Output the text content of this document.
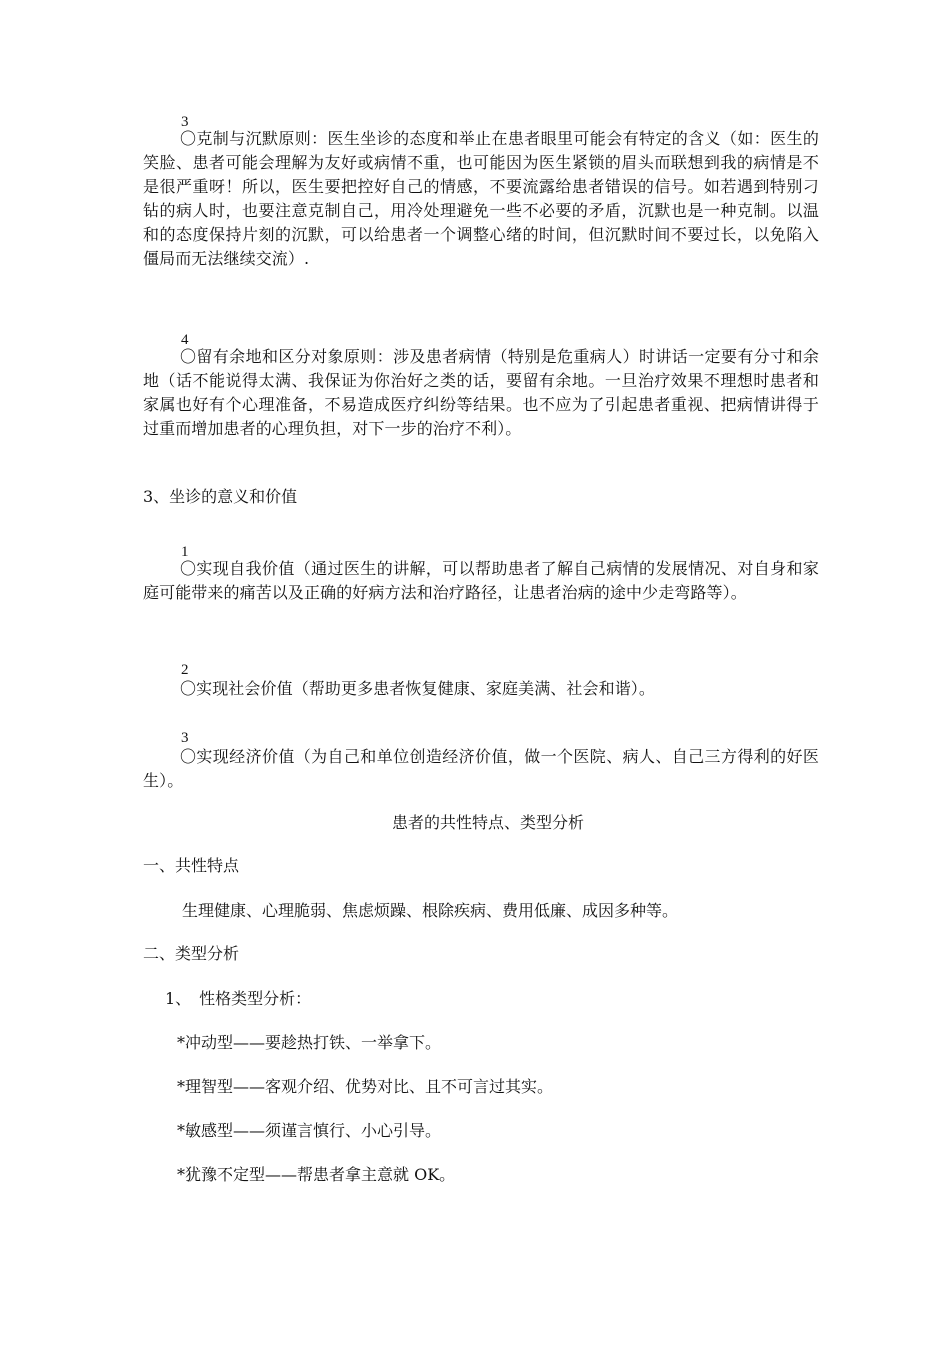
3
〇克制与沉默原则：医生坐诊的态度和举止在患者眼里可能会有特定的含义（如：医生的笑脸、患者可能会理解为友好或病情不重，也可能因为医生紧锁的眉头而联想到我的病情是不是很严重呀！所以，医生要把控好自己的情感，不要流露给患者错误的信号。如若遇到特别刁钻的病人时，也要注意克制自己，用冷处理避免一些不必要的矛盾，沉默也是一种克制。以温和的态度保持片刻的沉默，可以给患者一个调整心绪的时间，但沉默时间不要过长，以免陷入僵局而无法继续交流）.
4
〇留有余地和区分对象原则：涉及患者病情（特别是危重病人）时讲话一定要有分寸和余地（话不能说得太满、我保证为你治好之类的话，要留有余地。一旦治疗效果不理想时患者和家属也好有个心理准备，不易造成医疗纠纷等结果。也不应为了引起患者重视、把病情讲得于过重而增加患者的心理负担，对下一步的治疗不利）。
3、坐诊的意义和价值
1
〇实现自我价值（通过医生的讲解，可以帮助患者了解自己病情的发展情况、对自身和家庭可能带来的痛苦以及正确的好病方法和治疗路径，让患者治病的途中少走弯路等）。
2
〇实现社会价值（帮助更多患者恢复健康、家庭美满、社会和谐）。
3
〇实现经济价值（为自己和单位创造经济价值，做一个医院、病人、自己三方得利的好医生）。
患者的共性特点、类型分析
一、共性特点
生理健康、心理脆弱、焦虑烦躁、根除疾病、费用低廉、成因多种等。
二、类型分析
1、　性格类型分析：
*冲动型——要趁热打铁、一举拿下。
*理智型——客观介绍、优势对比、且不可言过其实。
*敏感型——须谨言慎行、小心引导。
*犹豫不定型——帮患者拿主意就 OK。
